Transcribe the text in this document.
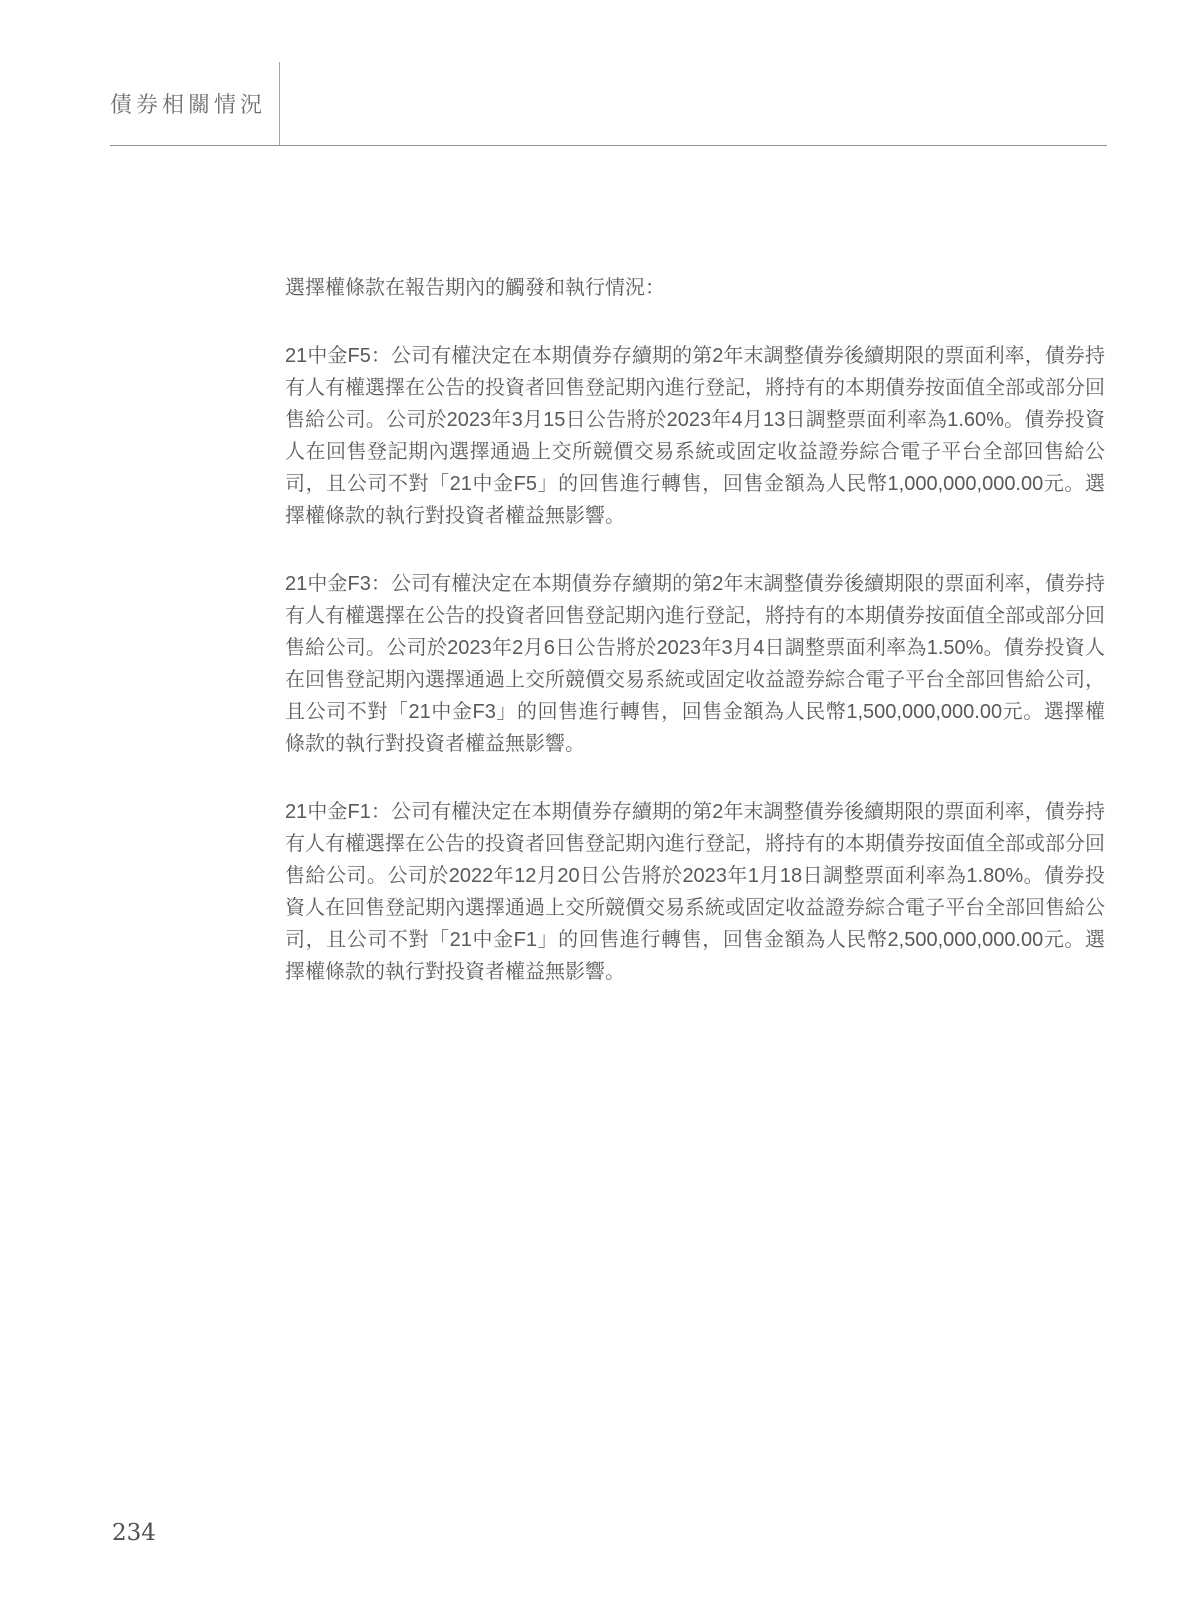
債券相關情況

選擇權條款在報告期內的觸發和執行情況：

21中金F5：公司有權決定在本期債券存續期的第2年末調整債券後續期限的票面利率，債券持有人有權選擇在公告的投資者回售登記期內進行登記，將持有的本期債券按面值全部或部分回售給公司。公司於2023年3月15日公告將於2023年4月13日調整票面利率為1.60%。債券投資人在回售登記期內選擇通過上交所競價交易系統或固定收益證券綜合電子平台全部回售給公司，且公司不對「21中金F5」的回售進行轉售，回售金額為人民幣1,000,000,000.00元。選擇權條款的執行對投資者權益無影響。

21中金F3：公司有權決定在本期債券存續期的第2年末調整債券後續期限的票面利率，債券持有人有權選擇在公告的投資者回售登記期內進行登記，將持有的本期債券按面值全部或部分回售給公司。公司於2023年2月6日公告將於2023年3月4日調整票面利率為1.50%。債券投資人在回售登記期內選擇通過上交所競價交易系統或固定收益證券綜合電子平台全部回售給公司，且公司不對「21中金F3」的回售進行轉售，回售金額為人民幣1,500,000,000.00元。選擇權條款的執行對投資者權益無影響。

21中金F1：公司有權決定在本期債券存續期的第2年末調整債券後續期限的票面利率，債券持有人有權選擇在公告的投資者回售登記期內進行登記，將持有的本期債券按面值全部或部分回售給公司。公司於2022年12月20日公告將於2023年1月18日調整票面利率為1.80%。債券投資人在回售登記期內選擇通過上交所競價交易系統或固定收益證券綜合電子平台全部回售給公司，且公司不對「21中金F1」的回售進行轉售，回售金額為人民幣2,500,000,000.00元。選擇權條款的執行對投資者權益無影響。

234
